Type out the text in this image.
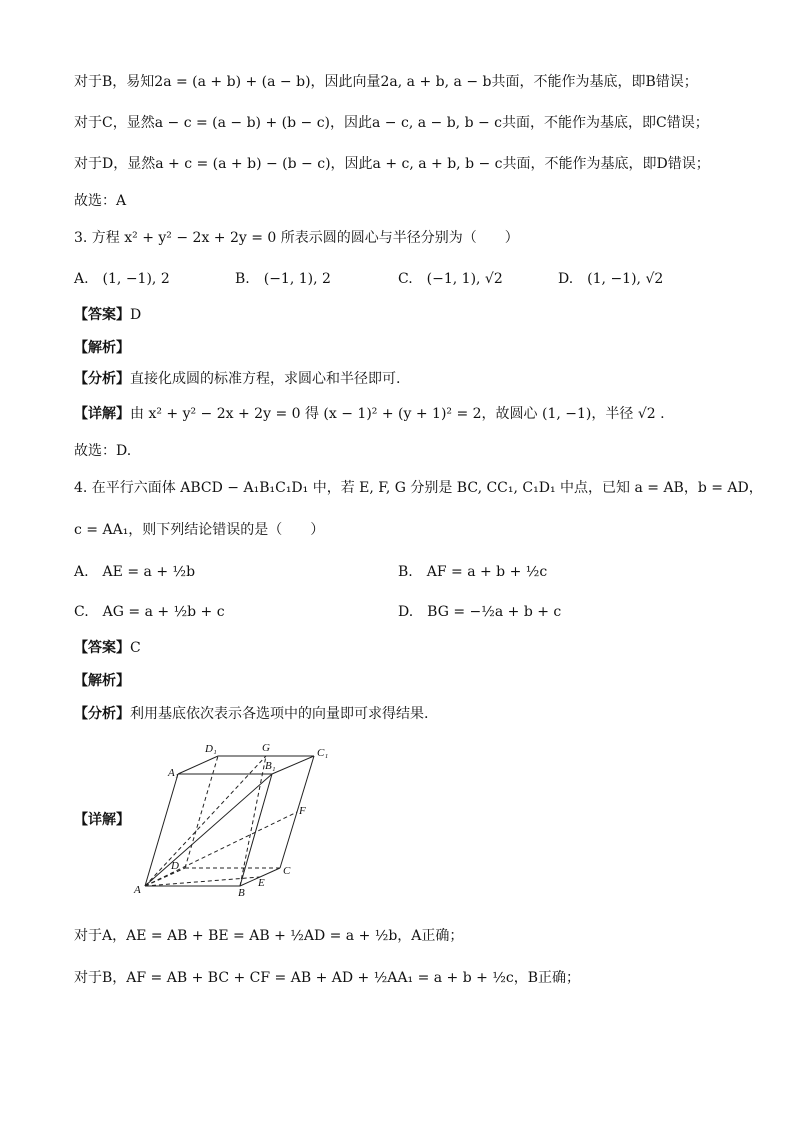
对于B，易知2a = (a + b) + (a − b)，因此向量2a, a + b, a − b共面，不能作为基底，即B错误；
对于C，显然a − c = (a − b) + (b − c)，因此a − c, a − b, b − c共面，不能作为基底，即C错误；
对于D，显然a + c = (a + b) − (b − c)，因此a + c, a + b, b − c共面，不能作为基底，即D错误；
故选：A
3. 方程 x² + y² − 2x + 2y = 0 所表示圆的圆心与半径分别为（　　）
A.　(1, −1), 2	B.　(−1, 1), 2	C.　(−1, 1), √2	D.　(1, −1), √2
【答案】D
【解析】
【分析】直接化成圆的标准方程，求圆心和半径即可.
【详解】由 x² + y² − 2x + 2y = 0 得 (x − 1)² + (y + 1)² = 2，故圆心 (1, −1)，半径 √2 .
故选：D.
4. 在平行六面体 ABCD − A₁B₁C₁D₁ 中，若 E, F, G 分别是 BC, CC₁, C₁D₁ 中点，已知 a = AB，b = AD，
c = AA₁，则下列结论错误的是（　　）
A.　AE = a + ½b	B.　AF = a + b + ½c
C.　AG = a + ½b + c	D.　BG = −½a + b + c
【答案】C
【解析】
【分析】利用基底依次表示各选项中的向量即可求得结果.
【详解】
A	B
C
D
A₁
B₁
C₁
D₁
E
F
G
对于A，AE = AB + BE = AB + ½AD = a + ½b，A正确；
对于B，AF = AB + BC + CF = AB + AD + ½AA₁ = a + b + ½c，B正确；
